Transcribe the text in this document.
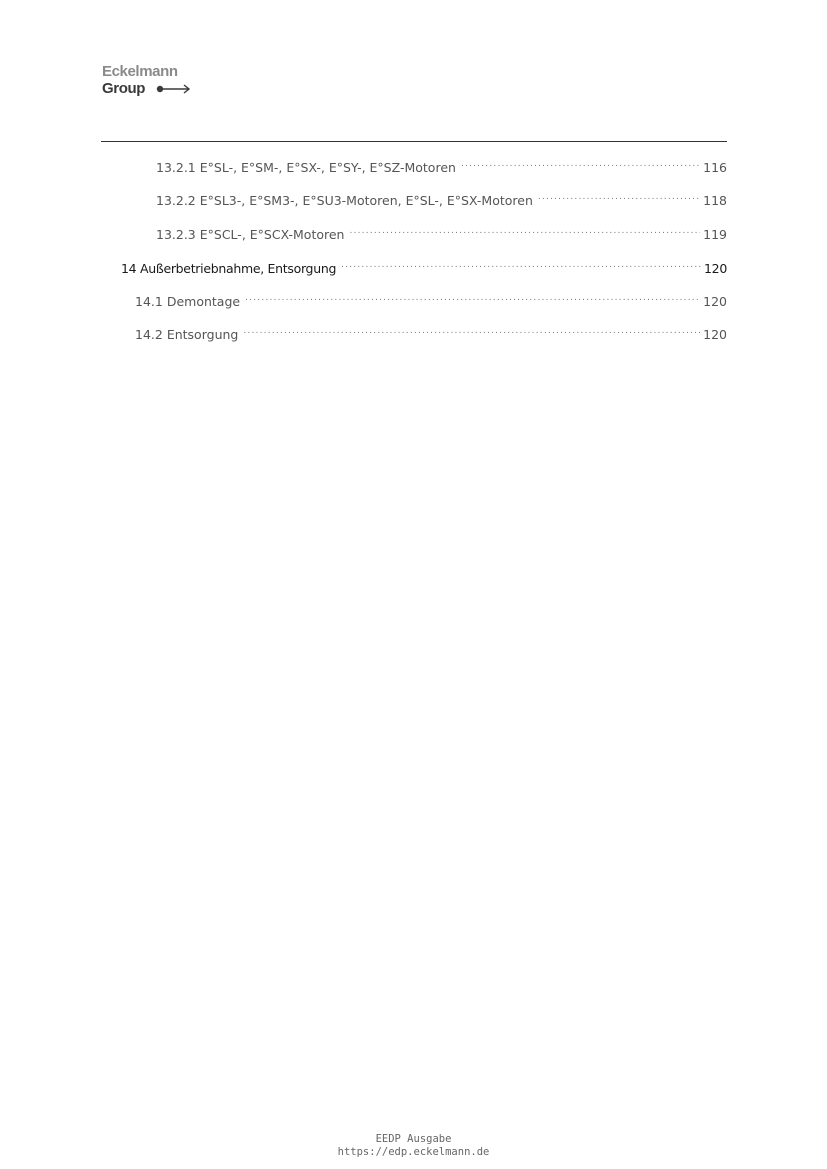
Eckelmann
Group
13.2.1 E°SL-, E°SM-, E°SX-, E°SY-, E°SZ-Motoren .....	116
13.2.2 E°SL3-, E°SM3-, E°SU3-Motoren, E°SL-, E°SX-Motoren .....	118
13.2.3 E°SCL-, E°SCX-Motoren .....	119
14 Außerbetriebnahme, Entsorgung .....	120
14.1 Demontage .....	120
14.2 Entsorgung .....	120
EEDP Ausgabe
https://edp.eckelmann.de
